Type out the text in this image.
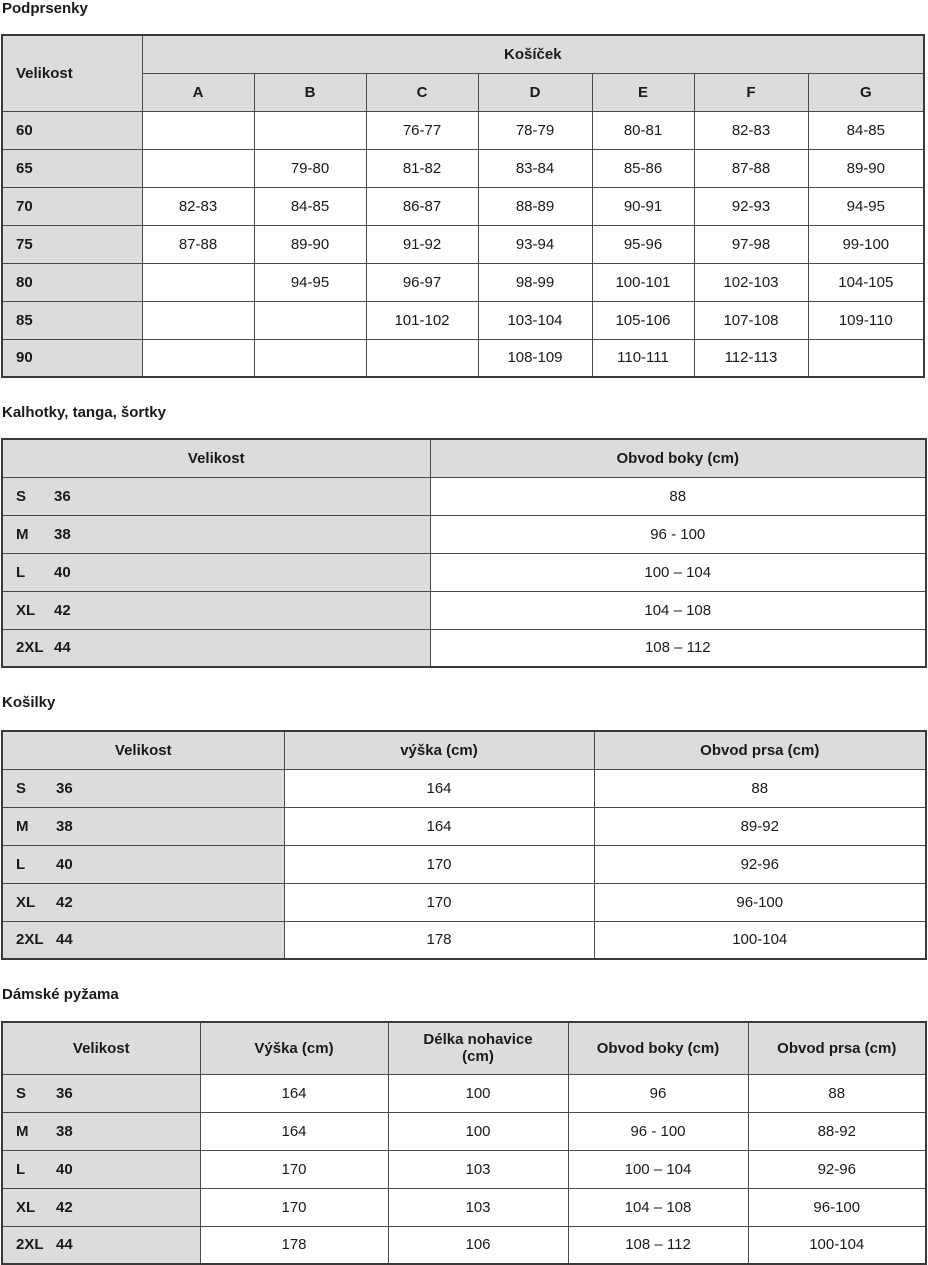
Podprsenky
Velikost	Košíček						
	A	B	C	D	E	F	G
60			76-77	78-79	80-81	82-83	84-85
65		79-80	81-82	83-84	85-86	87-88	89-90
70	82-83	84-85	86-87	88-89	90-91	92-93	94-95
75	87-88	89-90	91-92	93-94	95-96	97-98	99-100
80		94-95	96-97	98-99	100-101	102-103	104-105
85			101-102	103-104	105-106	107-108	109-110
90				108-109	110-111	112-113	
Kalhotky, tanga, šortky
Velikost	Obvod boky (cm)
S 36	88
M 38	96 - 100
L 40	100 – 104
XL 42	104 – 108
2XL 44	108 – 112
Košilky
Velikost	výška (cm)	Obvod prsa (cm)
S 36	164	88
M 38	164	89-92
L 40	170	92-96
XL 42	170	96-100
2XL 44	178	100-104
Dámské pyžama
Velikost	Výška (cm)	Délka nohavice (cm)	Obvod boky (cm)	Obvod prsa (cm)
S 36	164	100	96	88
M 38	164	100	96 - 100	88-92
L 40	170	103	100 – 104	92-96
XL 42	170	103	104 – 108	96-100
2XL 44	178	106	108 – 112	100-104
